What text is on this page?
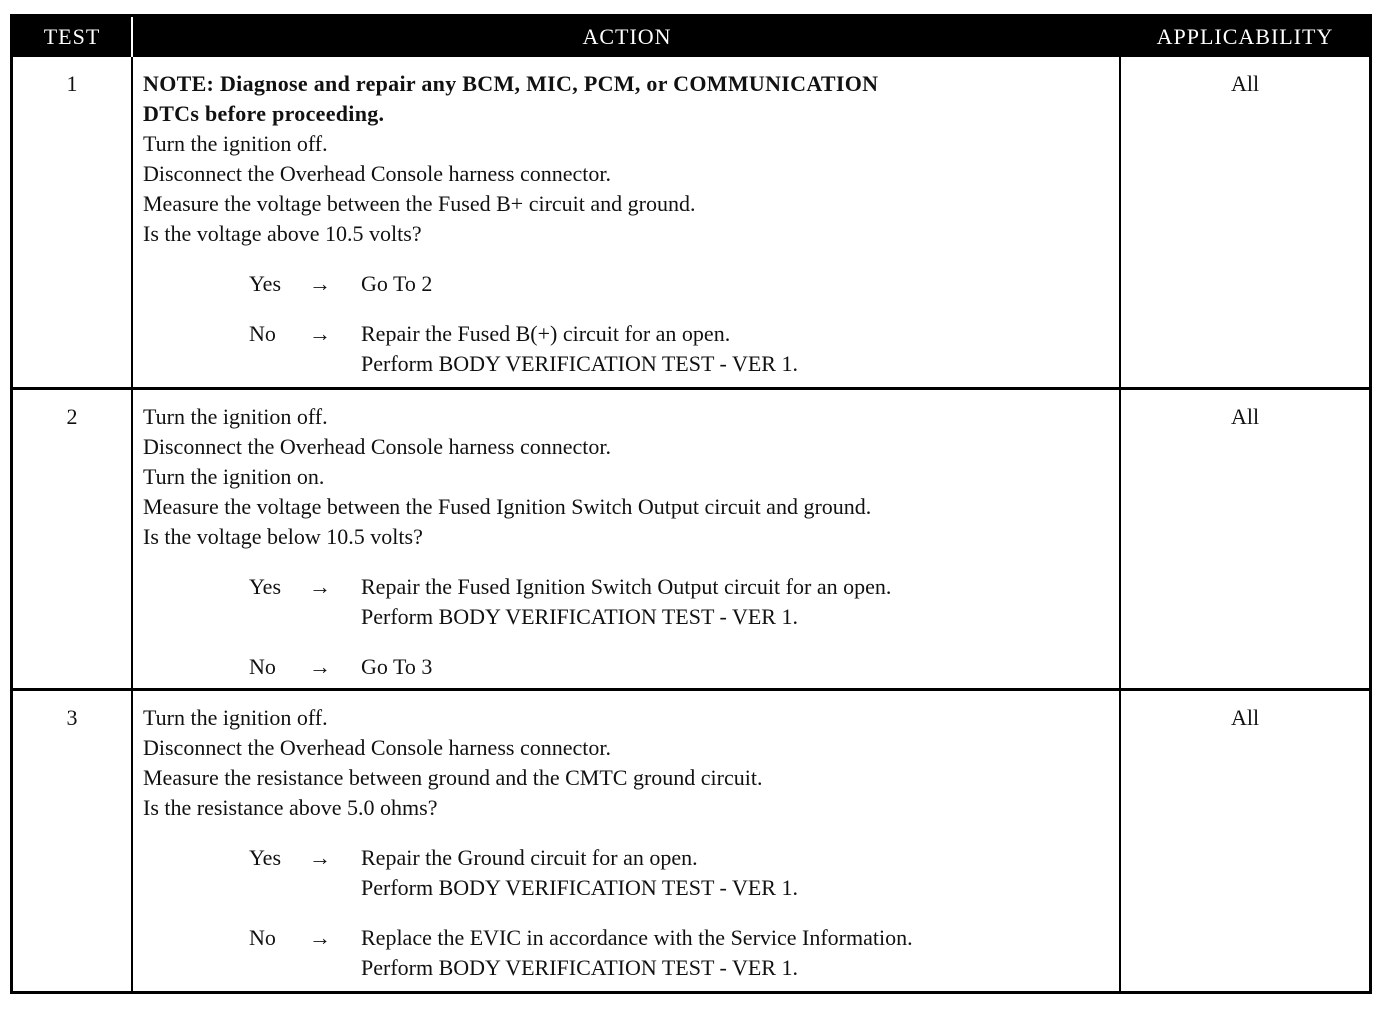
TEST	ACTION	APPLICABILITY
1	NOTE: Diagnose and repair any BCM, MIC, PCM, or COMMUNICATION
DTCs before proceeding.
Turn the ignition off.
Disconnect the Overhead Console harness connector.
Measure the voltage between the Fused B+ circuit and ground.
Is the voltage above 10.5 volts?
Yes	→	Go To 2
No	→	Repair the Fused B(+) circuit for an open.
Perform BODY VERIFICATION TEST - VER 1.
All
2	Turn the ignition off.
Disconnect the Overhead Console harness connector.
Turn the ignition on.
Measure the voltage between the Fused Ignition Switch Output circuit and ground.
Is the voltage below 10.5 volts?
Yes	→	Repair the Fused Ignition Switch Output circuit for an open.
Perform BODY VERIFICATION TEST - VER 1.
No	→	Go To 3
All
3	Turn the ignition off.
Disconnect the Overhead Console harness connector.
Measure the resistance between ground and the CMTC ground circuit.
Is the resistance above 5.0 ohms?
Yes	→	Repair the Ground circuit for an open.
Perform BODY VERIFICATION TEST - VER 1.
No	→	Replace the EVIC in accordance with the Service Information.
Perform BODY VERIFICATION TEST - VER 1.
All
